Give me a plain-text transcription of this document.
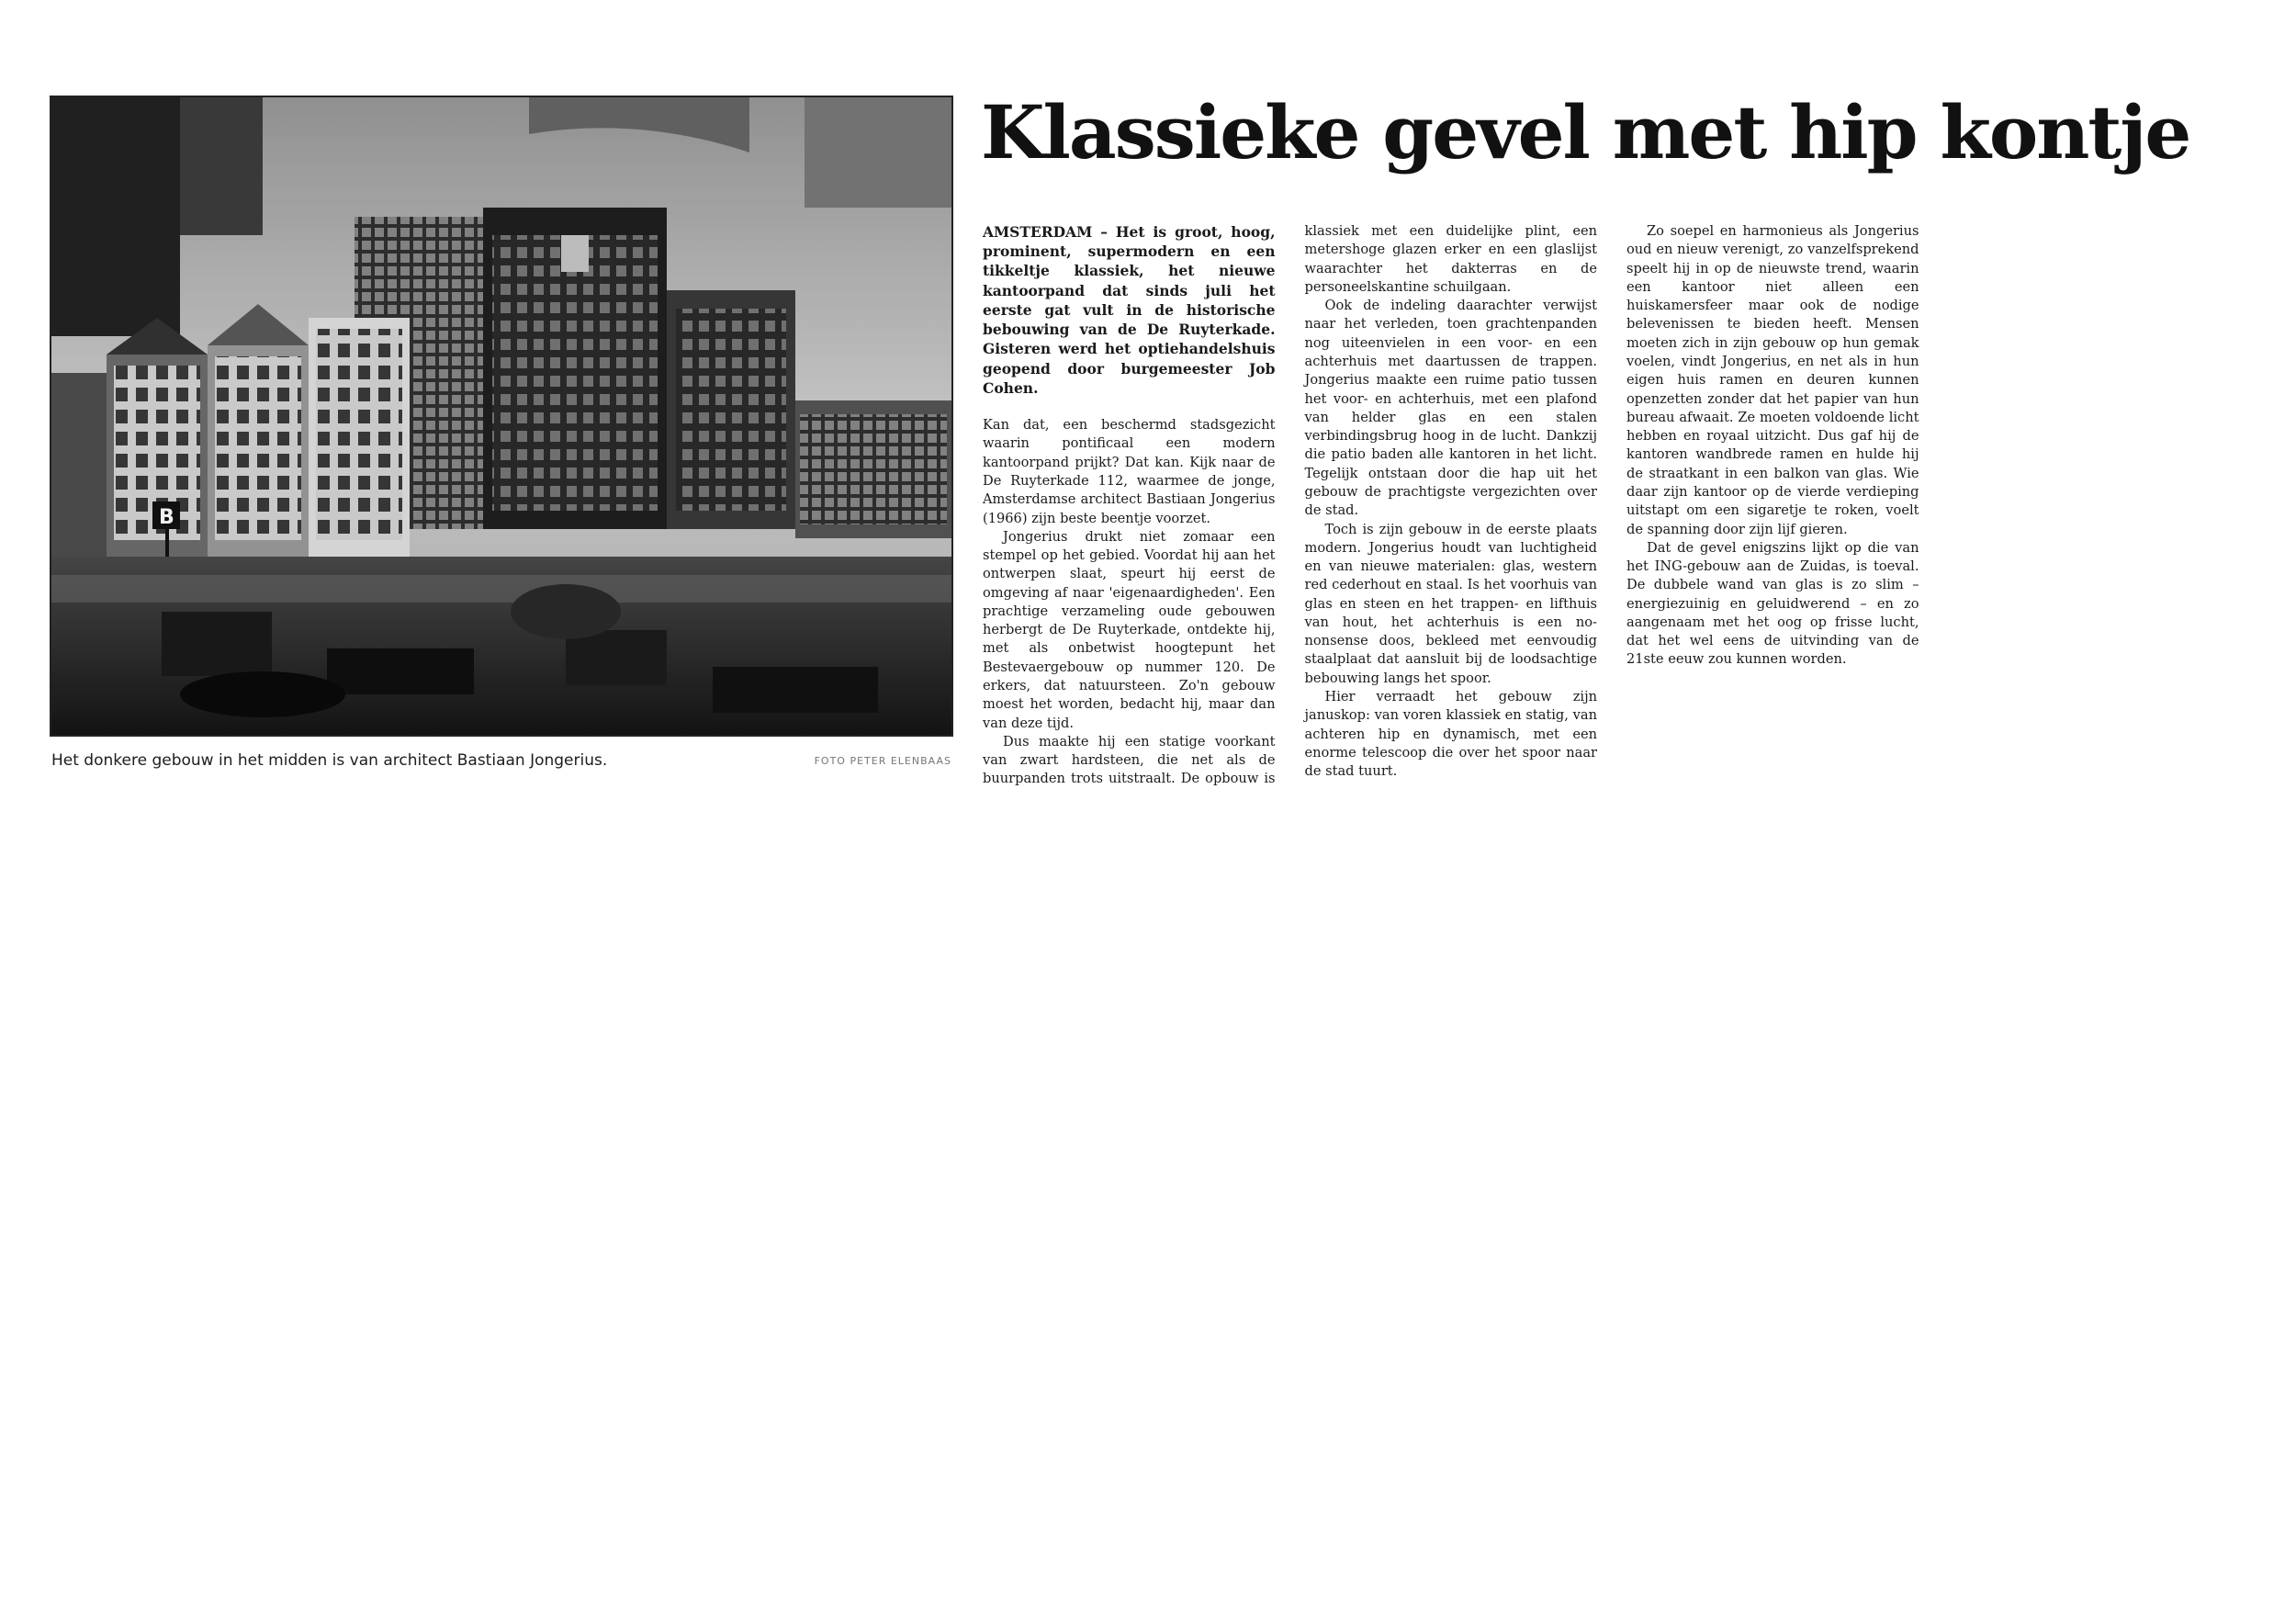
B
Het donkere gebouw in het midden is van architect Bastiaan Jongerius.	FOTO PETER ELENBAAS
Klassieke gevel met hip kontje

AMSTERDAM – Het is groot, hoog, prominent, supermodern en een tikkeltje klassiek, het nieuwe kantoorpand dat sinds juli het eerste gat vult in de historische bebouwing van de De Ruyterkade. Gisteren werd het optiehandelshuis geopend door burgemeester Job Cohen.

Kan dat, een beschermd stadsgezicht waarin pontificaal een modern kantoorpand prijkt? Dat kan. Kijk naar de De Ruyterkade 112, waarmee de jonge, Amsterdamse architect Bastiaan Jongerius (1966) zijn beste beentje voorzet.

Jongerius drukt niet zomaar een stempel op het gebied. Voordat hij aan het ontwerpen slaat, speurt hij eerst de omgeving af naar 'eigenaardigheden'. Een prachtige verzameling oude gebouwen herbergt de De Ruyterkade, ontdekte hij, met als onbetwist hoogtepunt het Bestevaergebouw op nummer 120. De erkers, dat natuursteen. Zo'n gebouw moest het worden, bedacht hij, maar dan van deze tijd.

Dus maakte hij een statige voorkant van zwart hardsteen, die net als de buurpanden trots uitstraalt. De opbouw is klassiek met een duidelijke plint, een metershoge glazen erker en een glaslijst waarachter het dakterras en de personeelskantine schuilgaan.

Ook de indeling daarachter verwijst naar het verleden, toen grachtenpanden nog uiteenvielen in een voor- en een achterhuis met daartussen de trappen. Jongerius maakte een ruime patio tussen het voor- en achterhuis, met een plafond van helder glas en een stalen verbindingsbrug hoog in de lucht. Dankzij die patio baden alle kantoren in het licht. Tegelijk ontstaan door die hap uit het gebouw de prachtigste vergezichten over de stad.

Toch is zijn gebouw in de eerste plaats modern. Jongerius houdt van luchtigheid en van nieuwe materialen: glas, western red cederhout en staal. Is het voorhuis van glas en steen en het trappen- en lifthuis van hout, het achterhuis is een no-nonsense doos, bekleed met eenvoudig staalplaat dat aansluit bij de loodsachtige bebouwing langs het spoor.

Hier verraadt het gebouw zijn januskop: van voren klassiek en statig, van achteren hip en dynamisch, met een enorme telescoop die over het spoor naar de stad tuurt.

Zo soepel en harmonieus als Jongerius oud en nieuw verenigt, zo vanzelfsprekend speelt hij in op de nieuwste trend, waarin een kantoor niet alleen een huiskamersfeer maar ook de nodige belevenissen te bieden heeft. Mensen moeten zich in zijn gebouw op hun gemak voelen, vindt Jongerius, en net als in hun eigen huis ramen en deuren kunnen openzetten zonder dat het papier van hun bureau afwaait. Ze moeten voldoende licht hebben en royaal uitzicht. Dus gaf hij de kantoren wandbrede ramen en hulde hij de straatkant in een balkon van glas. Wie daar zijn kantoor op de vierde verdieping uitstapt om een sigaretje te roken, voelt de spanning door zijn lijf gieren.

Dat de gevel enigszins lijkt op die van het ING-gebouw aan de Zuidas, is toeval. De dubbele wand van glas is zo slim – energiezuinig en geluidwerend – en zo aangenaam met het oog op frisse lucht, dat het wel eens de uitvinding van de 21ste eeuw zou kunnen worden.
